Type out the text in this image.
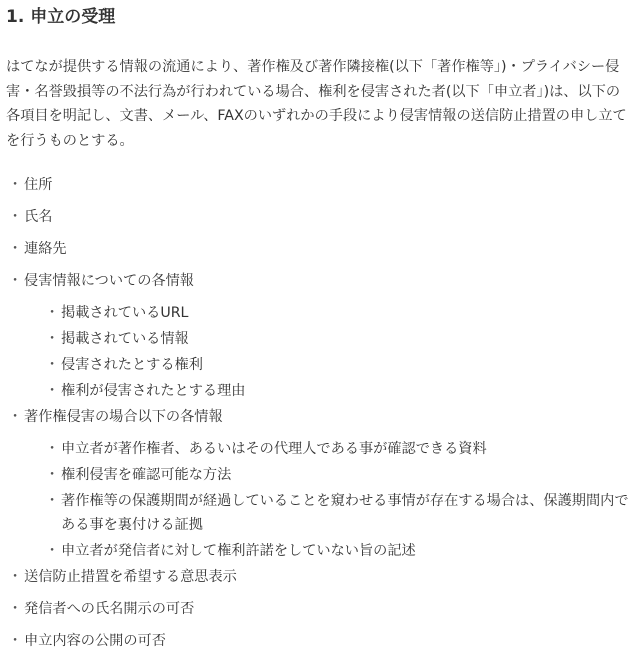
1. 申立の受理

はてなが提供する情報の流通により、著作権及び著作隣接権(以下「著作権等」)・プライバシー侵害・名誉毀損等の不法行為が行われている場合、権利を侵害された者(以下「申立者」)は、以下の各項目を明記し、文書、メール、FAXのいずれかの手段により侵害情報の送信防止措置の申し立てを行うものとする。

・ 住所
・ 氏名
・ 連絡先
・ 侵害情報についての各情報
・ 掲載されているURL
・ 掲載されている情報
・ 侵害されたとする権利
・ 権利が侵害されたとする理由
・ 著作権侵害の場合以下の各情報
・ 申立者が著作権者、あるいはその代理人である事が確認できる資料
・ 権利侵害を確認可能な方法
・ 著作権等の保護期間が経過していることを窺わせる事情が存在する場合は、保護期間内である事を裏付ける証拠
・ 申立者が発信者に対して権利許諾をしていない旨の記述
・ 送信防止措置を希望する意思表示
・ 発信者への氏名開示の可否
・ 申立内容の公開の可否
